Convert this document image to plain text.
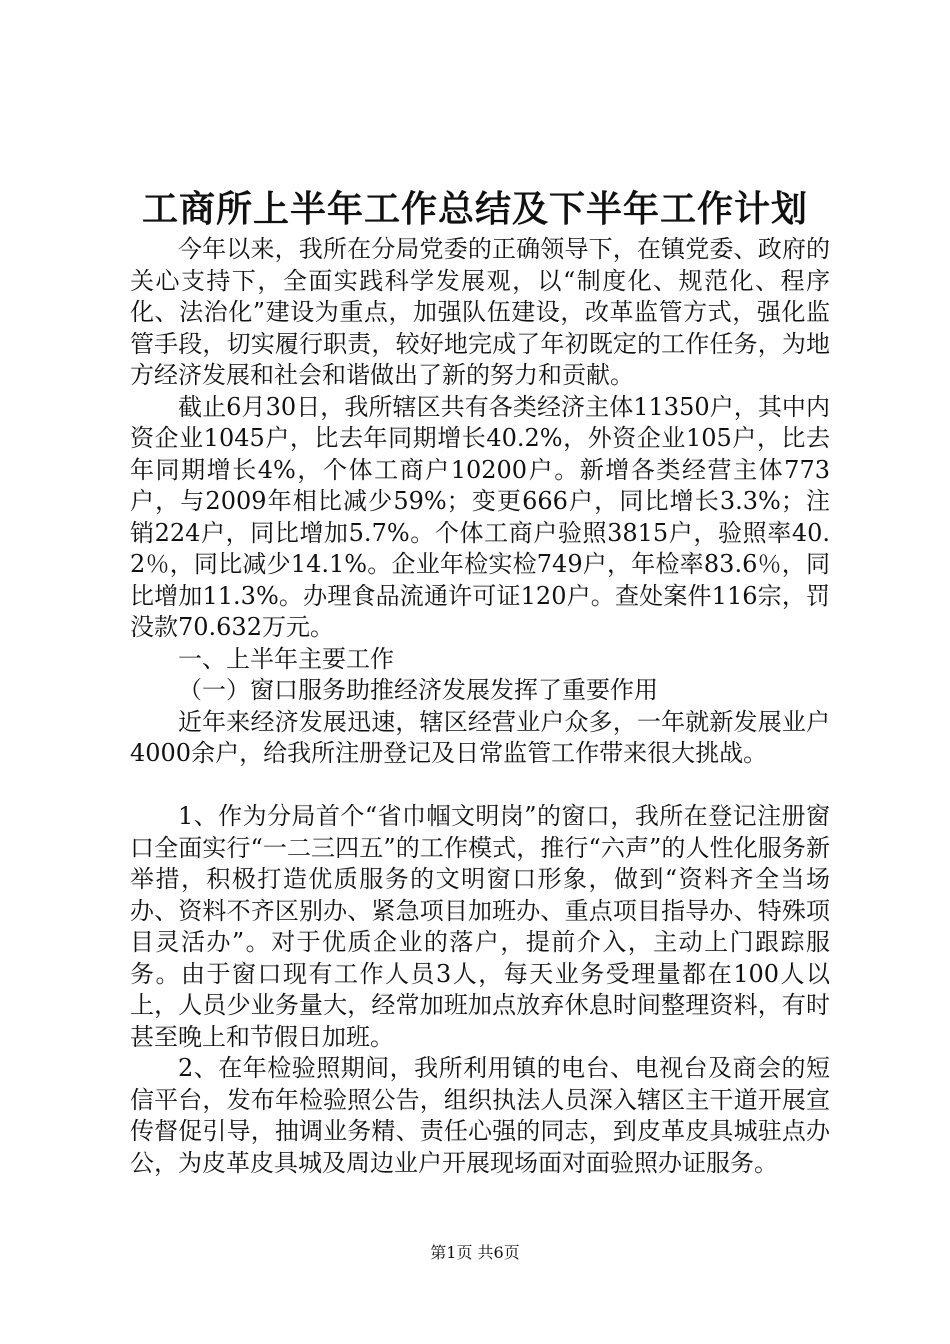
工商所上半年工作总结及下半年工作计划

今年以来，我所在分局党委的正确领导下，在镇党委、政府的关心支持下，全面实践科学发展观，以“制度化、规范化、程序化、法治化”建设为重点，加强队伍建设，改革监管方式，强化监管手段，切实履行职责，较好地完成了年初既定的工作任务，为地方经济发展和社会和谐做出了新的努力和贡献。

截止6月30日，我所辖区共有各类经济主体11350户，其中内资企业1045户，比去年同期增长40.2%，外资企业105户，比去年同期增长4%，个体工商户10200户。新增各类经营主体773户，与2009年相比减少59%；变更666户，同比增长3.3%；注销224户，同比增加5.7%。个体工商户验照3815户，验照率40.2％，同比减少14.1%。企业年检实检749户，年检率83.6％，同比增加11.3%。办理食品流通许可证120户。查处案件116宗，罚没款70.632万元。

一、上半年主要工作

（一）窗口服务助推经济发展发挥了重要作用

近年来经济发展迅速，辖区经营业户众多，一年就新发展业户4000余户，给我所注册登记及日常监管工作带来很大挑战。

1、作为分局首个“省巾帼文明岗”的窗口，我所在登记注册窗口全面实行“一二三四五”的工作模式，推行“六声”的人性化服务新举措，积极打造优质服务的文明窗口形象，做到“资料齐全当场办、资料不齐区别办、紧急项目加班办、重点项目指导办、特殊项目灵活办”。对于优质企业的落户，提前介入，主动上门跟踪服务。由于窗口现有工作人员3人，每天业务受理量都在100人以上，人员少业务量大，经常加班加点放弃休息时间整理资料，有时甚至晚上和节假日加班。

2、在年检验照期间，我所利用镇的电台、电视台及商会的短信平台，发布年检验照公告，组织执法人员深入辖区主干道开展宣传督促引导，抽调业务精、责任心强的同志，到皮革皮具城驻点办公，为皮革皮具城及周边业户开展现场面对面验照办证服务。

第1页 共6页
